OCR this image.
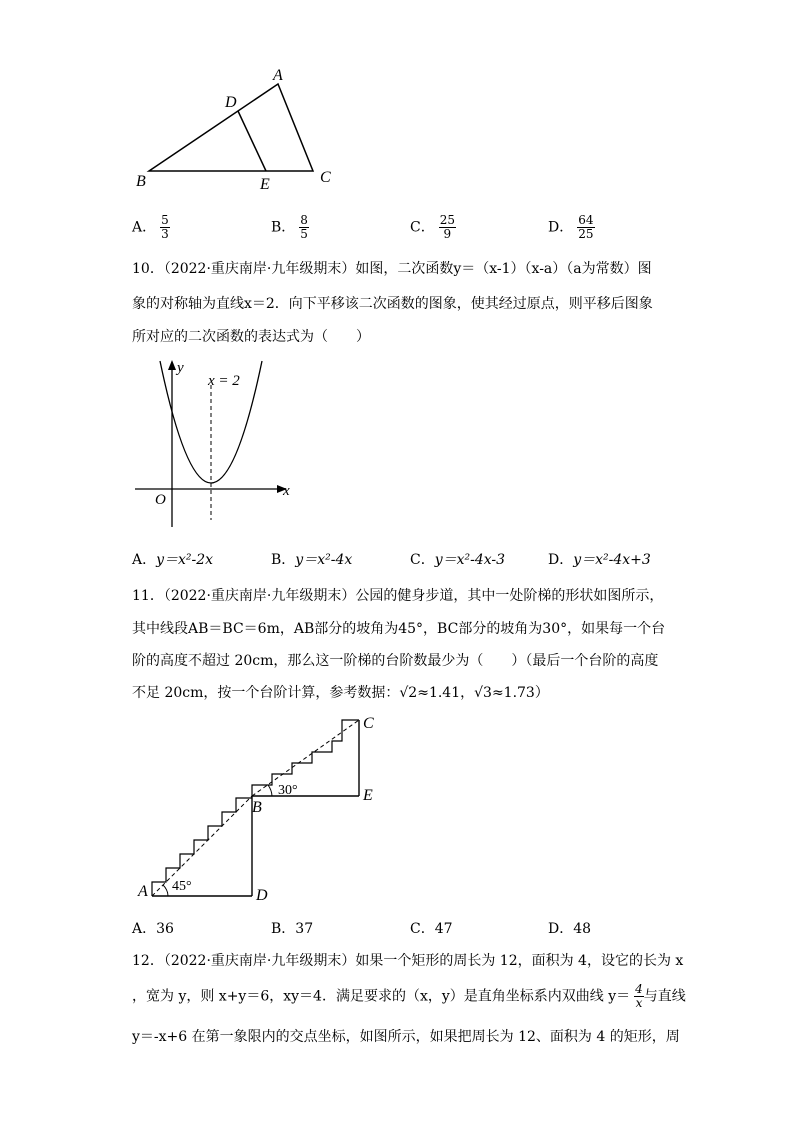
A
D
B	E	C
A． $\frac{5}{3}$	B． $\frac{8}{5}$	C． $\frac{25}{9}$	D． $\frac{64}{25}$
10．（2022·重庆南岸·九年级期末）如图，二次函数y＝（x-1）（x-a）（a为常数）图
象的对称轴为直线x＝2．向下平移该二次函数的图象，使其经过原点，则平移后图象
所对应的二次函数的表达式为（　　）
y
x
O
x = 2
A．y＝x²-2x	B．y＝x²-4x	C．y＝x²-4x-3	D．y＝x²-4x+3
11．（2022·重庆南岸·九年级期末）公园的健身步道，其中一处阶梯的形状如图所示，
其中线段AB＝BC＝6m，AB部分的坡角为45°，BC部分的坡角为30°，如果每一个台
阶的高度不超过 20cm，那么这一阶梯的台阶数最少为（　　）（最后一个台阶的高度
不足 20cm，按一个台阶计算，参考数据：√2≈1.41，√3≈1.73）
A	D
B
E
C
45°
30°
A．36	B．37	C．47	D．48
12．（2022·重庆南岸·九年级期末）如果一个矩形的周长为 12，面积为 4，设它的长为 x
，宽为 y，则 x+y＝6，xy＝4．满足要求的（x，y）是直角坐标系内双曲线 $y= \frac{4}{x}$ 与直线
y＝-x+6 在第一象限内的交点坐标，如图所示，如果把周长为 12、面积为 4 的矩形，周
